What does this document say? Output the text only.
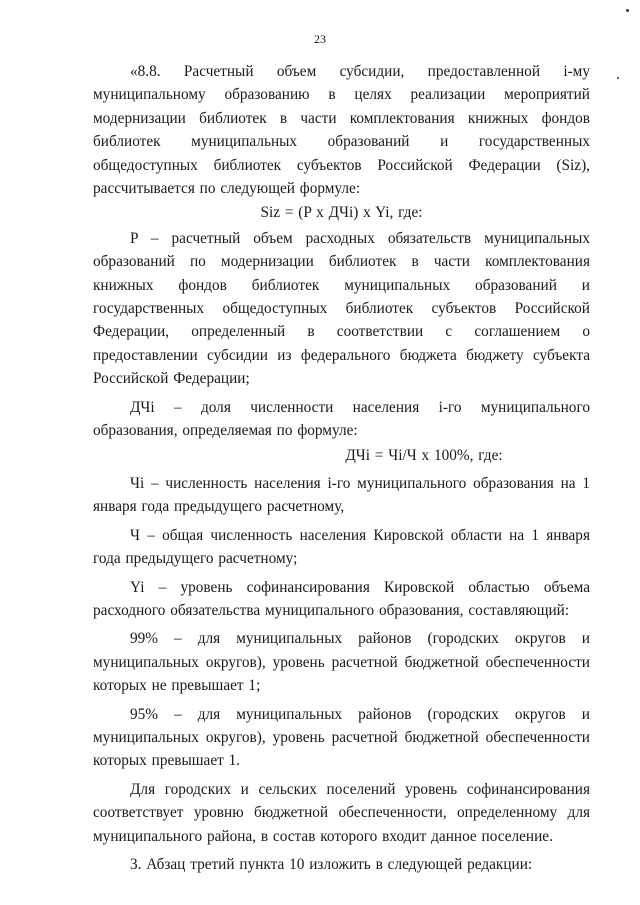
23

«8.8. Расчетный объем субсидии, предоставленной i-му муниципальному образованию в целях реализации мероприятий модернизации библиотек в части комплектования книжных фондов библиотек муниципальных образований и государственных общедоступных библиотек субъектов Российской Федерации (Siz), рассчитывается по следующей формуле:

Siz = (P x ДЧi) x Yi, где:

P – расчетный объем расходных обязательств муниципальных образований по модернизации библиотек в части комплектования книжных фондов библиотек муниципальных образований и государственных общедоступных библиотек субъектов Российской Федерации, определенный в соответствии с соглашением о предоставлении субсидии из федерального бюджета бюджету субъекта Российской Федерации;

ДЧi – доля численности населения i-го муниципального образования, определяемая по формуле:

ДЧi = Чi/Ч x 100%, где:

Чi – численность населения i-го муниципального образования на 1 января года предыдущего расчетному,

Ч – общая численность населения Кировской области на 1 января года предыдущего расчетному;

Yi – уровень софинансирования Кировской областью объема расходного обязательства муниципального образования, составляющий:

99% – для муниципальных районов (городских округов и муниципальных округов), уровень расчетной бюджетной обеспеченности которых не превышает 1;

95% – для муниципальных районов (городских округов и муниципальных округов), уровень расчетной бюджетной обеспеченности которых превышает 1.

Для городских и сельских поселений уровень софинансирования соответствует уровню бюджетной обеспеченности, определенному для муниципального района, в состав которого входит данное поселение.

3. Абзац третий пункта 10 изложить в следующей редакции:
